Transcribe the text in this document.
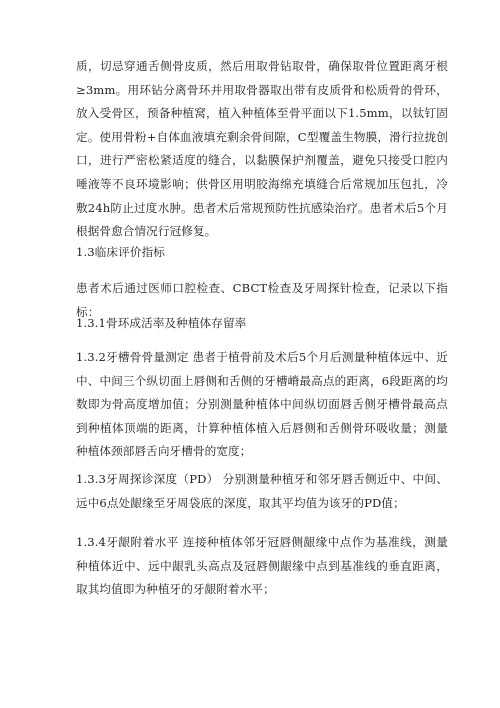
质，切忌穿通舌侧骨皮质，然后用取骨钻取骨，确保取骨位置距离牙根≥3mm。用环钻分离骨环并用取骨器取出带有皮质骨和松质骨的骨环，放入受骨区，预备种植窝，植入种植体至骨平面以下1.5mm，以钛钉固定。使用骨粉+自体血液填充剩余骨间隙，C型覆盖生物膜，滑行拉拢创口，进行严密松紧适度的缝合，以黏膜保护剂覆盖，避免只接受口腔内唾液等不良环境影响；供骨区用明胶海绵充填缝合后常规加压包扎，冷敷24h防止过度水肿。患者术后常规预防性抗感染治疗。患者术后5个月根据骨愈合情况行冠修复。

1.3临床评价指标

患者术后通过医师口腔检查、CBCT检查及牙周探针检查，记录以下指标：

1.3.1骨环成活率及种植体存留率

1.3.2牙槽骨骨量测定 患者于植骨前及术后5个月后测量种植体远中、近中、中间三个纵切面上唇侧和舌侧的牙槽嵴最高点的距离，6段距离的均数即为骨高度增加值；分别测量种植体中间纵切面唇舌侧牙槽骨最高点到种植体顶端的距离，计算种植体植入后唇侧和舌侧骨环吸收量；测量种植体颈部唇舌向牙槽骨的宽度；

1.3.3牙周探诊深度（PD） 分别测量种植牙和邻牙唇舌侧近中、中间、远中6点处龈缘至牙周袋底的深度，取其平均值为该牙的PD值；

1.3.4牙龈附着水平 连接种植体邻牙冠唇侧龈缘中点作为基准线，测量种植体近中、远中龈乳头高点及冠唇侧龈缘中点到基准线的垂直距离，取其均值即为种植牙的牙龈附着水平；
